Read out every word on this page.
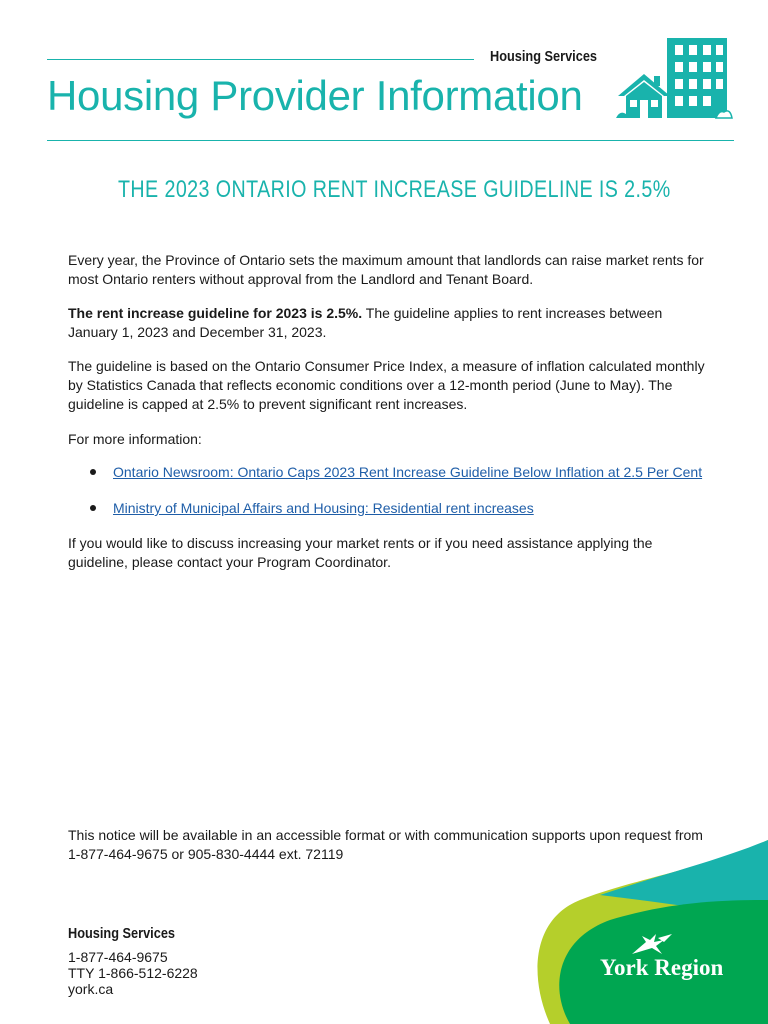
Housing Services
Housing Provider Information
THE 2023 ONTARIO RENT INCREASE GUIDELINE IS 2.5%
Every year, the Province of Ontario sets the maximum amount that landlords can raise market rents for most Ontario renters without approval from the Landlord and Tenant Board.
The rent increase guideline for 2023 is 2.5%. The guideline applies to rent increases between January 1, 2023 and December 31, 2023.
The guideline is based on the Ontario Consumer Price Index, a measure of inflation calculated monthly by Statistics Canada that reflects economic conditions over a 12-month period (June to May). The guideline is capped at 2.5% to prevent significant rent increases.
For more information:
Ontario Newsroom: Ontario Caps 2023 Rent Increase Guideline Below Inflation at 2.5 Per Cent
Ministry of Municipal Affairs and Housing: Residential rent increases
If you would like to discuss increasing your market rents or if you need assistance applying the guideline, please contact your Program Coordinator.
This notice will be available in an accessible format or with communication supports upon request from 1-877-464-9675 or 905-830-4444 ext. 72119
Housing Services
1-877-464-9675
TTY 1-866-512-6228
york.ca
York Region
